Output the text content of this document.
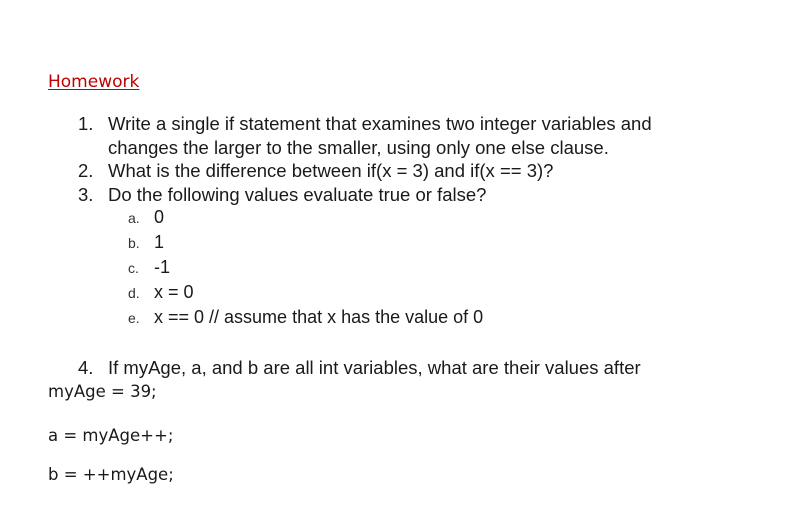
Homework
1. Write a single if statement that examines two integer variables and
changes the larger to the smaller, using only one else clause.
2. What is the difference between if(x = 3) and if(x == 3)?
3. Do the following values evaluate true or false?
a. 0
b. 1
c. -1
d. x = 0
e. x == 0 // assume that x has the value of 0
4. If myAge, a, and b are all int variables, what are their values after
myAge = 39;
a = myAge++;
b = ++myAge;
